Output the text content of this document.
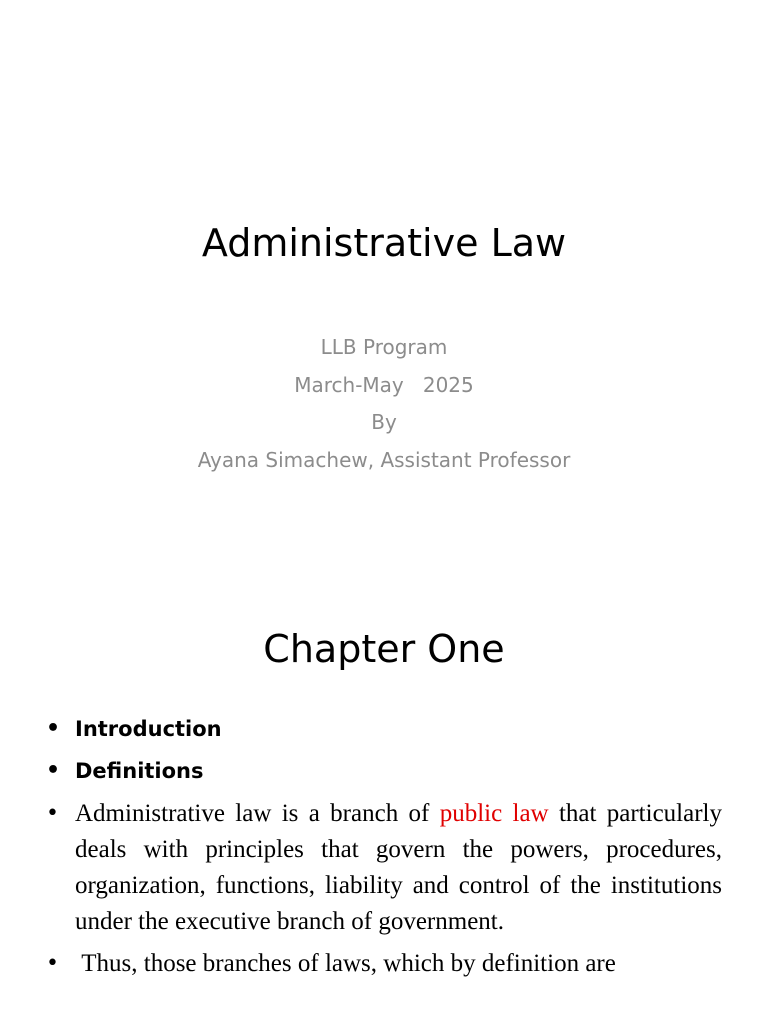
Administrative Law
LLB Program
March-May   2025
By
Ayana Simachew, Assistant Professor
Chapter One
• Introduction
• Definitions
• Administrative law is a branch of public law that particularly deals with principles that govern the powers, procedures, organization, functions, liability and control of the institutions under the executive branch of government.
• Thus, those branches of laws, which by definition are
